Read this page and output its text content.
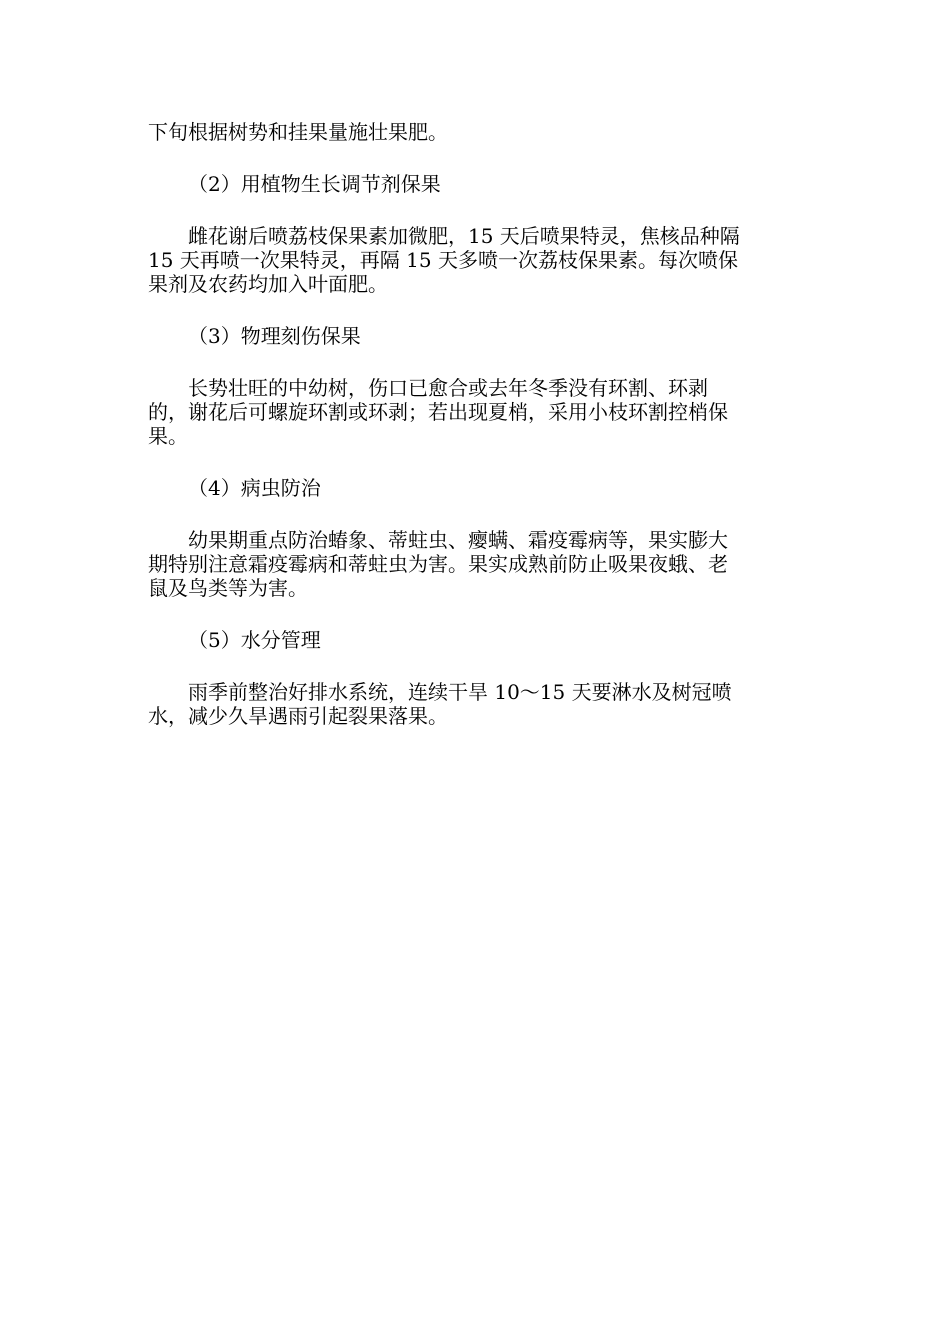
下旬根据树势和挂果量施壮果肥。
（2）用植物生长调节剂保果
雌花谢后喷荔枝保果素加微肥，15 天后喷果特灵，焦核品种隔
15 天再喷一次果特灵，再隔 15 天多喷一次荔枝保果素。每次喷保
果剂及农药均加入叶面肥。
（3）物理刻伤保果
长势壮旺的中幼树，伤口已愈合或去年冬季没有环割、环剥
的，谢花后可螺旋环割或环剥；若出现夏梢，采用小枝环割控梢保
果。
（4）病虫防治
幼果期重点防治蝽象、蒂蛀虫、瘿螨、霜疫霉病等，果实膨大
期特别注意霜疫霉病和蒂蛀虫为害。果实成熟前防止吸果夜蛾、老
鼠及鸟类等为害。
（5）水分管理
雨季前整治好排水系统，连续干旱 10～15 天要淋水及树冠喷
水，减少久旱遇雨引起裂果落果。
